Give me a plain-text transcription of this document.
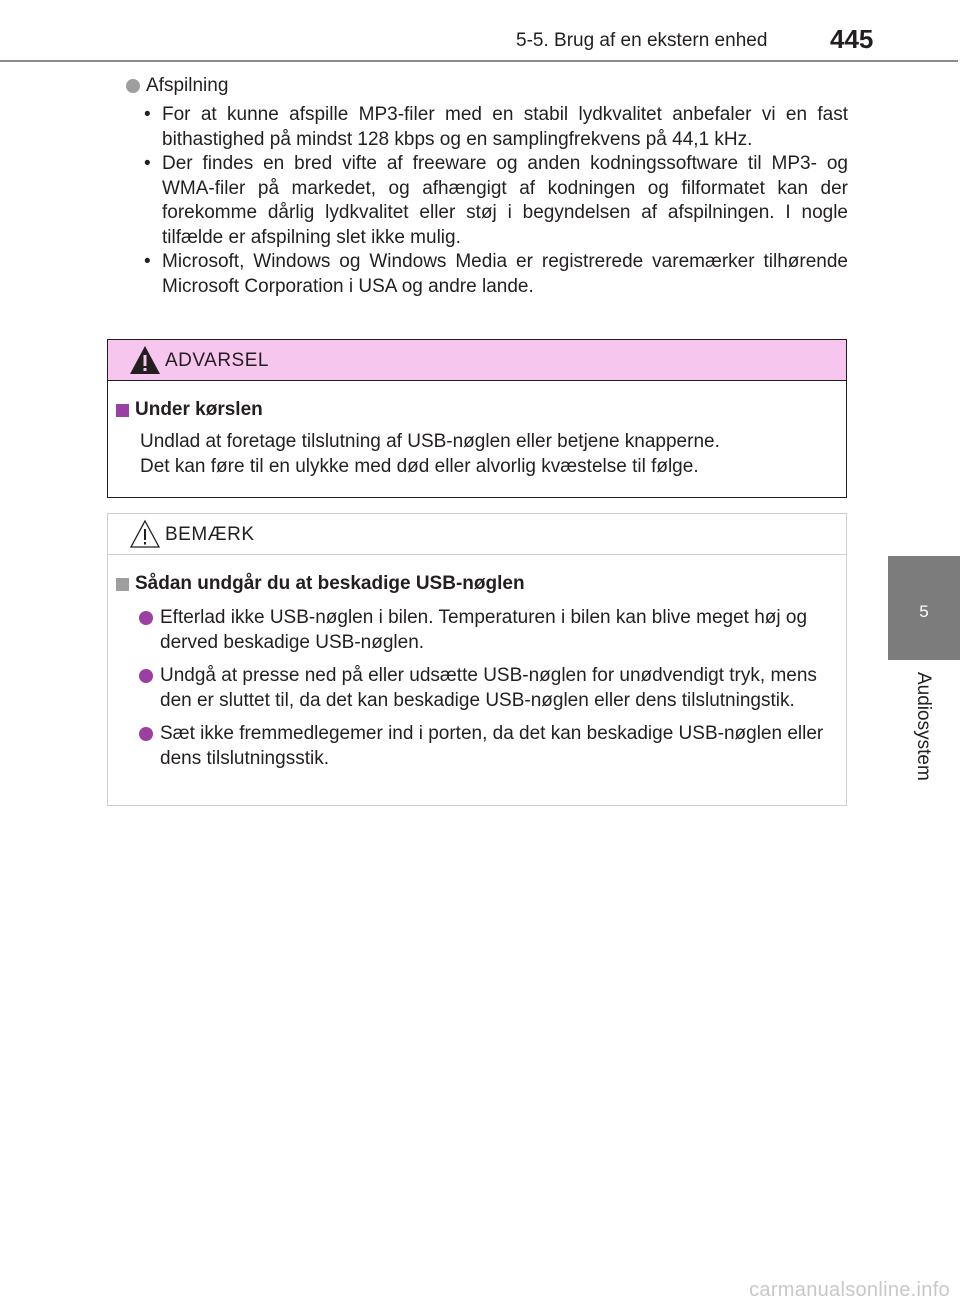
5-5. Brug af en ekstern enhed 445
5
Audiosystem
Afspilning
• For at kunne afspille MP3-filer med en stabil lydkvalitet anbefaler vi en fast bithastighed på mindst 128 kbps og en samplingfrekvens på 44,1 kHz.
• Der findes en bred vifte af freeware og anden kodningssoftware til MP3- og WMA-filer på markedet, og afhængigt af kodningen og filformatet kan der forekomme dårlig lydkvalitet eller støj i begyndelsen af afspilningen. I nogle tilfælde er afspilning slet ikke mulig.
• Microsoft, Windows og Windows Media er registrerede varemærker tilhørende Microsoft Corporation i USA og andre lande.
ADVARSEL
Under kørslen
Undlad at foretage tilslutning af USB-nøglen eller betjene knapperne.
Det kan føre til en ulykke med død eller alvorlig kvæstelse til følge.
BEMÆRK
Sådan undgår du at beskadige USB-nøglen
Efterlad ikke USB-nøglen i bilen. Temperaturen i bilen kan blive meget høj og derved beskadige USB-nøglen.
Undgå at presse ned på eller udsætte USB-nøglen for unødvendigt tryk, mens den er sluttet til, da det kan beskadige USB-nøglen eller dens tilslutningstik.
Sæt ikke fremmedlegemer ind i porten, da det kan beskadige USB-nøglen eller dens tilslutningsstik.
carmanualsonline.info
